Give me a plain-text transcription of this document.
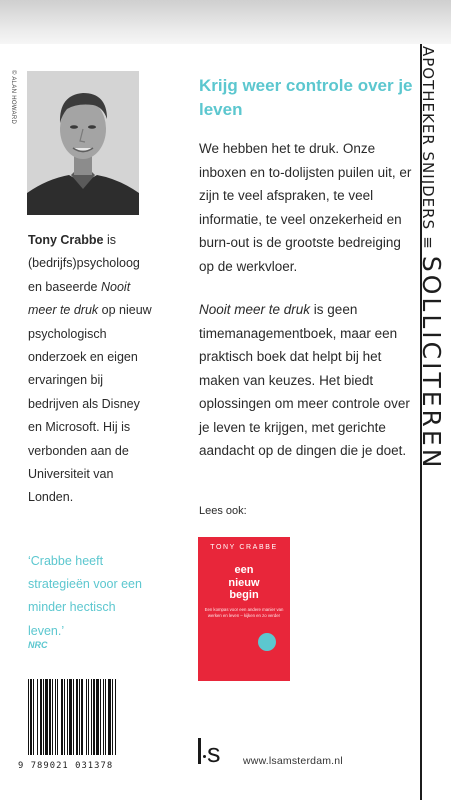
APOTHEKER SNIJDERS ≡ SOLLICITEREN
© ALAN HOWARD
Tony Crabbe is (bedrijfs)psycholoog en baseerde Nooit meer te druk op nieuw psychologisch onderzoek en eigen ervaringen bij bedrijven als Disney en Microsoft. Hij is verbonden aan de Universiteit van Londen.
‘Crabbe heeft strategieën voor een minder hectisch leven.’
NRC
9 789021 031378
Krijg weer controle over je leven

We hebben het te druk. Onze inboxen en to-dolijsten puilen uit, er zijn te veel afspraken, te veel informatie, te veel onzekerheid en burn-out is de grootste bedreiging op de werkvloer.

Nooit meer te druk is geen timemanagementboek, maar een praktisch boek dat helpt bij het maken van keuzes. Het biedt oplossingen om meer controle over je leven te krijgen, met gerichte aandacht op de dingen die je doet.

Lees ook:
TONY CRABBE
een
nieuw
begin
Een kompas voor een andere manier van werken en leven – kijken en zo verder
s www.lsamsterdam.nl
